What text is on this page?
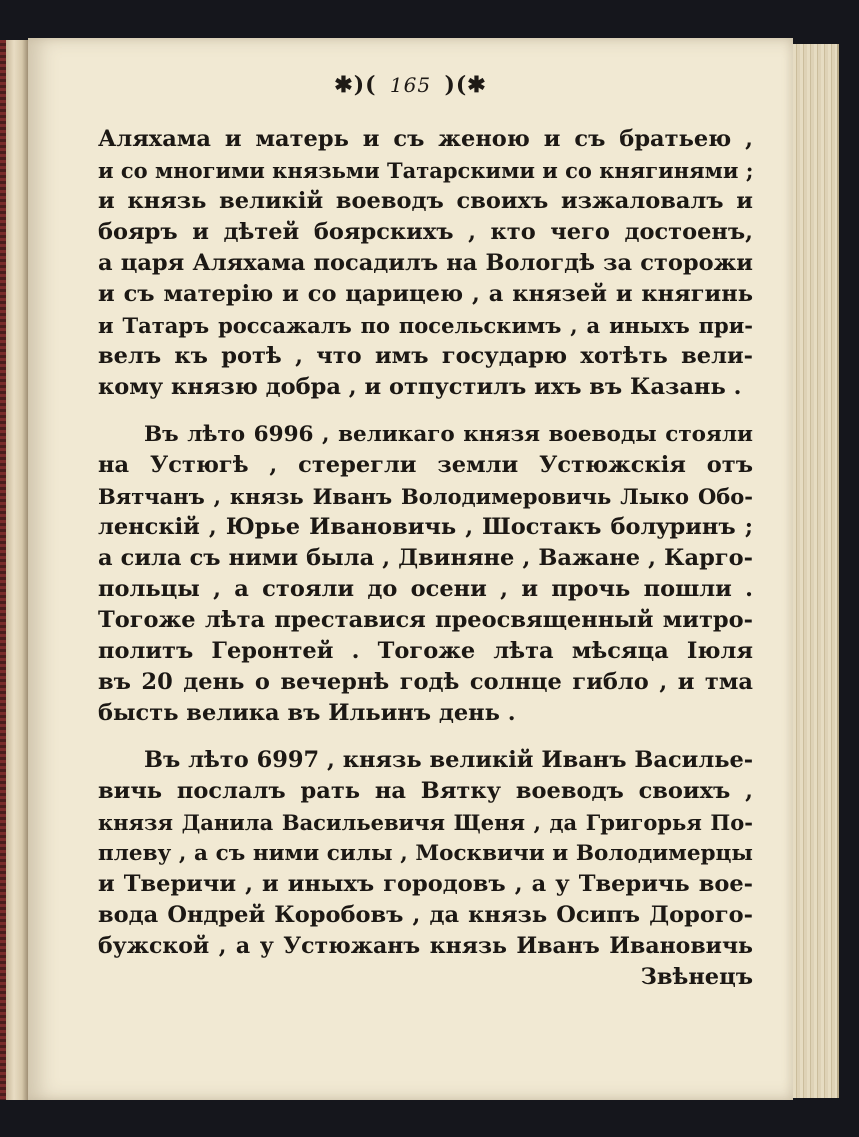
✱)( 165 )(✱
Аляхама и матерь и съ женою и съ братьею ,
и со многими князьми Татарскими и со княгинями ;
и князь великій воеводъ своихъ изжаловалъ и
бояръ и дѣтей боярскихъ , кто чего достоенъ,
а царя Аляхама посадилъ на Вологдѣ за сторожи
и съ матерію и со царицею , а князей и княгинь
и Татаръ россажалъ по посельскимъ , а иныхъ при-
велъ къ ротѣ , что имъ государю хотѣть вели-
кому князю добра , и отпустилъ ихъ въ Казань .
Въ лѣто 6996 , великаго князя воеводы стояли
на Устюгѣ , стерегли земли Устюжскія отъ
Вятчанъ , князь Иванъ Володимеровичь Лыко Обо-
ленскій , Юрье Ивановичь , Шостакъ болyринъ ;
а сила съ ними была , Двиняне , Важане , Карго-
польцы , а стояли до осени , и прочь пошли .
Тогоже лѣта преставися преосвященный митро-
политъ Геронтей . Тогоже лѣта мѣсяца Іюля
въ 20 день о вечернѣ годѣ солнце гибло , и тма
бысть велика въ Ильинъ день .
Въ лѣто 6997 , князь великій Иванъ Василье-
вичь послалъ рать на Вятку воеводъ своихъ ,
князя Данила Васильевичя Щеня , да Григорья По-
плеву , а съ ними силы , Москвичи и Володимерцы
и Тверичи , и иныхъ городовъ , а у Тверичь вое-
вода Ондрей Коробовъ , да князь Осипъ Дорого-
бужской , а у Устюжанъ князь Иванъ Ивановичь
Звѣнецъ
